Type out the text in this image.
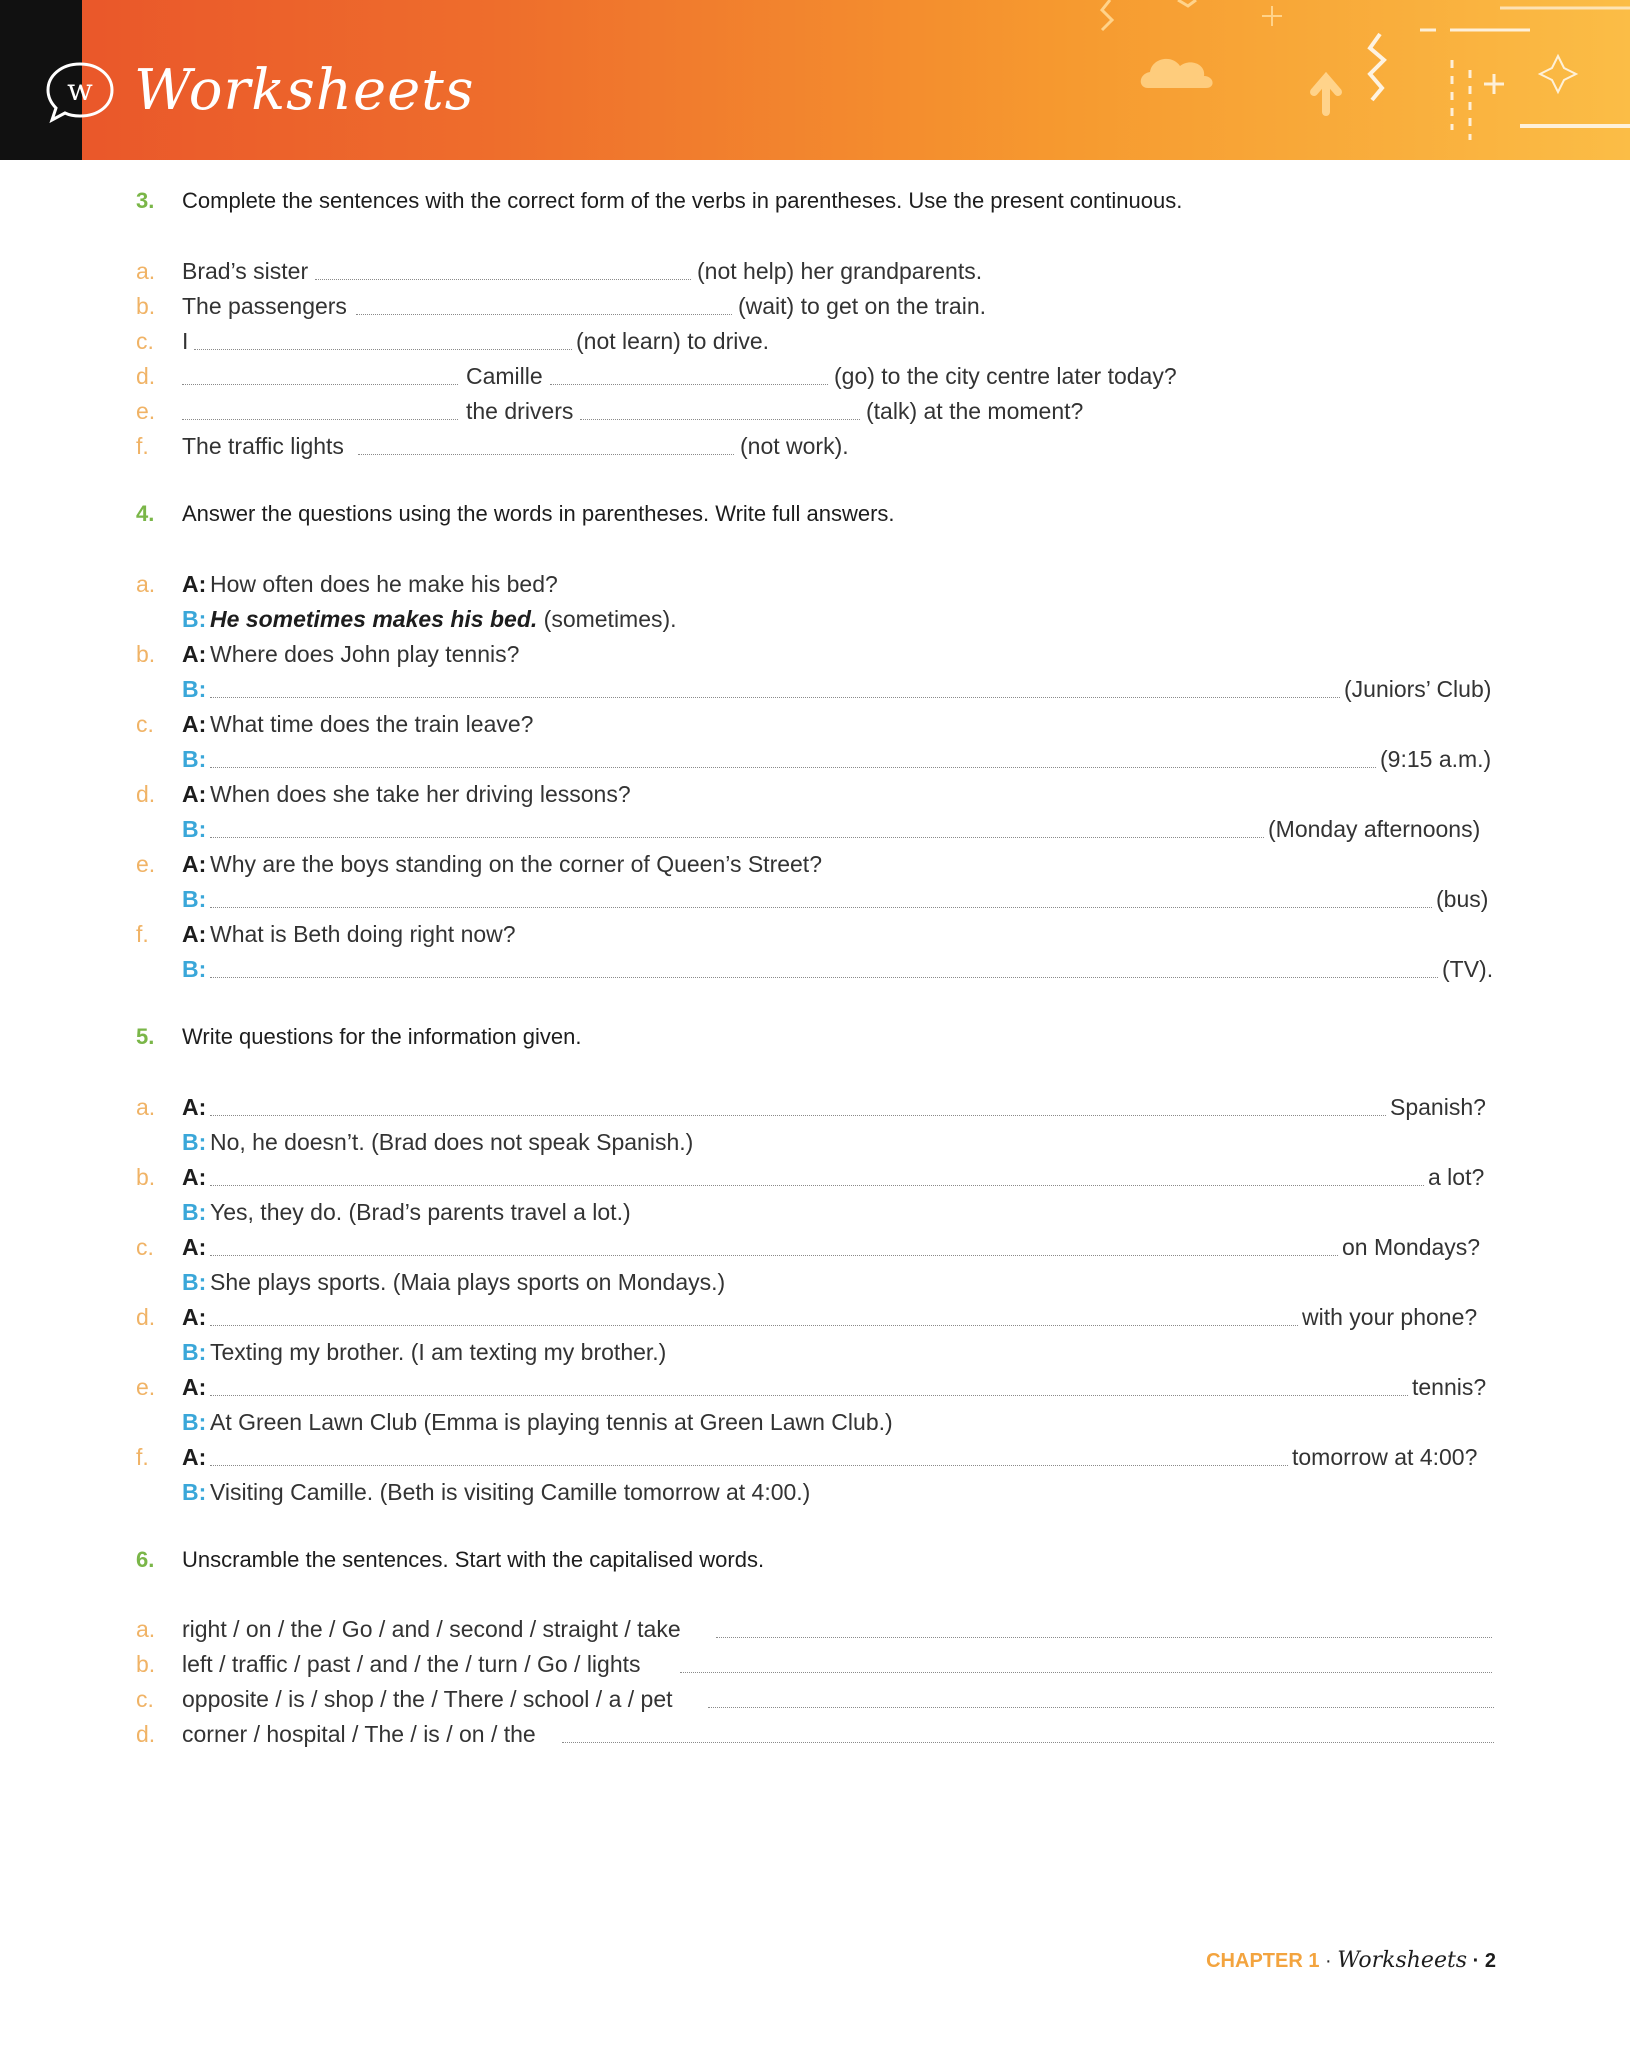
w Worksheets
3. Complete the sentences with the correct form of the verbs in parentheses. Use the present continuous.
a. Brad’s sister	(not help) her grandparents.
b. The passengers	(wait) to get on the train.
c. I	(not learn) to drive.
d.	Camille	(go) to the city centre later today?
e.	the drivers	(talk) at the moment?
f. The traffic lights	(not work).
4. Answer the questions using the words in parentheses. Write full answers.
a. A: How often does he make his bed?
B: He sometimes makes his bed. (sometimes).
b. A: Where does John play tennis?
B:	(Juniors’ Club)
c. A: What time does the train leave?
B:	(9:15 a.m.)
d. A: When does she take her driving lessons?
B:	(Monday afternoons)
e. A: Why are the boys standing on the corner of Queen’s Street?
B:	(bus)
f. A: What is Beth doing right now?
B:	(TV).
5. Write questions for the information given.
a. A:	Spanish?
B: No, he doesn’t. (Brad does not speak Spanish.)
b. A:	a lot?
B: Yes, they do. (Brad’s parents travel a lot.)
c. A:	on Mondays?
B: She plays sports. (Maia plays sports on Mondays.)
d. A:	with your phone?
B: Texting my brother. (I am texting my brother.)
e. A:	tennis?
B: At Green Lawn Club (Emma is playing tennis at Green Lawn Club.)
f. A:	tomorrow at 4:00?
B: Visiting Camille. (Beth is visiting Camille tomorrow at 4:00.)
6. Unscramble the sentences. Start with the capitalised words.
a. right / on / the / Go / and / second / straight / take
b. left / traffic / past / and / the / turn / Go / lights
c. opposite / is / shop / the / There / school / a / pet
d. corner / hospital / The / is / on / the
CHAPTER 1 · Worksheets · 2
